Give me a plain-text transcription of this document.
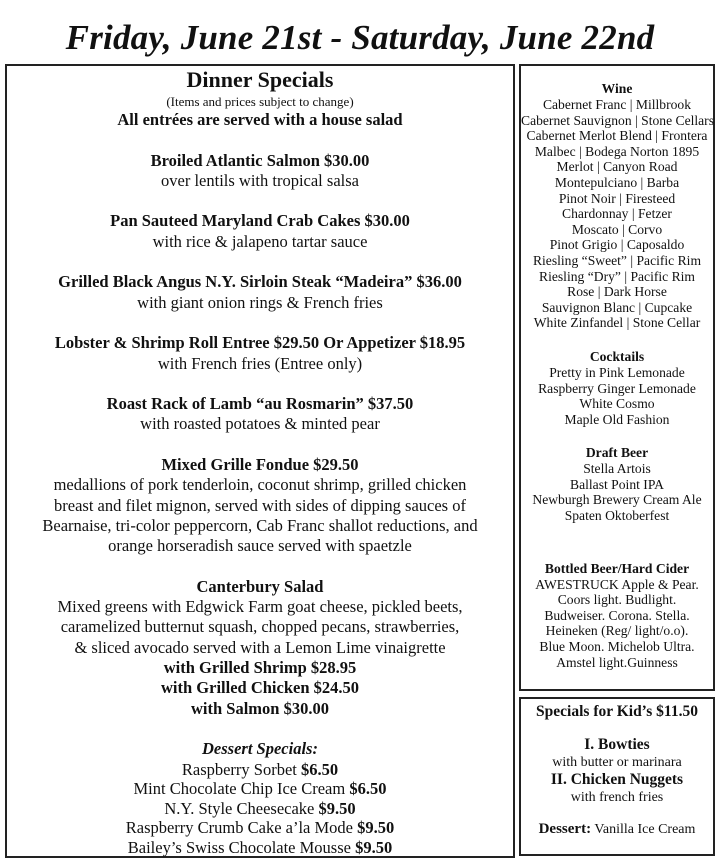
Friday, June 21st - Saturday, June 22nd
Dinner Specials
(Items and prices subject to change)
All entrées are served with a house salad
Broiled Atlantic Salmon $30.00
over lentils with tropical salsa
Pan Sauteed Maryland Crab Cakes $30.00
with rice & jalapeno tartar sauce
Grilled Black Angus N.Y. Sirloin Steak “Madeira” $36.00
with giant onion rings & French fries
Lobster & Shrimp Roll Entree $29.50 Or Appetizer $18.95
with French fries (Entree only)
Roast Rack of Lamb “au Rosmarin” $37.50
with roasted potatoes & minted pear
Mixed Grille Fondue $29.50
medallions of pork tenderloin, coconut shrimp, grilled chicken
breast and filet mignon, served with sides of dipping sauces of
Bearnaise, tri-color peppercorn, Cab Franc shallot reductions, and
orange horseradish sauce served with spaetzle
Canterbury Salad
Mixed greens with Edgwick Farm goat cheese, pickled beets,
caramelized butternut squash, chopped pecans, strawberries,
& sliced avocado served with a Lemon Lime vinaigrette
with Grilled Shrimp $28.95
with Grilled Chicken $24.50
with Salmon $30.00
Dessert Specials:
Raspberry Sorbet $6.50
Mint Chocolate Chip Ice Cream $6.50
N.Y. Style Cheesecake $9.50
Raspberry Crumb Cake a’la Mode $9.50
Bailey’s Swiss Chocolate Mousse $9.50
Wine
Cabernet Franc | Millbrook
Cabernet Sauvignon | Stone Cellars
Cabernet Merlot Blend | Frontera
Malbec | Bodega Norton 1895
Merlot | Canyon Road
Montepulciano | Barba
Pinot Noir | Firesteed
Chardonnay | Fetzer
Moscato | Corvo
Pinot Grigio | Caposaldo
Riesling “Sweet” | Pacific Rim
Riesling “Dry” | Pacific Rim
Rose | Dark Horse
Sauvignon Blanc | Cupcake
White Zinfandel | Stone Cellar
Cocktails
Pretty in Pink Lemonade
Raspberry Ginger Lemonade
White Cosmo
Maple Old Fashion
Draft Beer
Stella Artois
Ballast Point IPA
Newburgh Brewery Cream Ale
Spaten Oktoberfest
Bottled Beer/Hard Cider
AWESTRUCK Apple & Pear.
Coors light. Budlight.
Budweiser. Corona. Stella.
Heineken (Reg/ light/o.o).
Blue Moon. Michelob Ultra.
Amstel light.Guinness
Specials for Kid’s $11.50
I. Bowties
with butter or marinara
II. Chicken Nuggets
with french fries
Dessert: Vanilla Ice Cream
